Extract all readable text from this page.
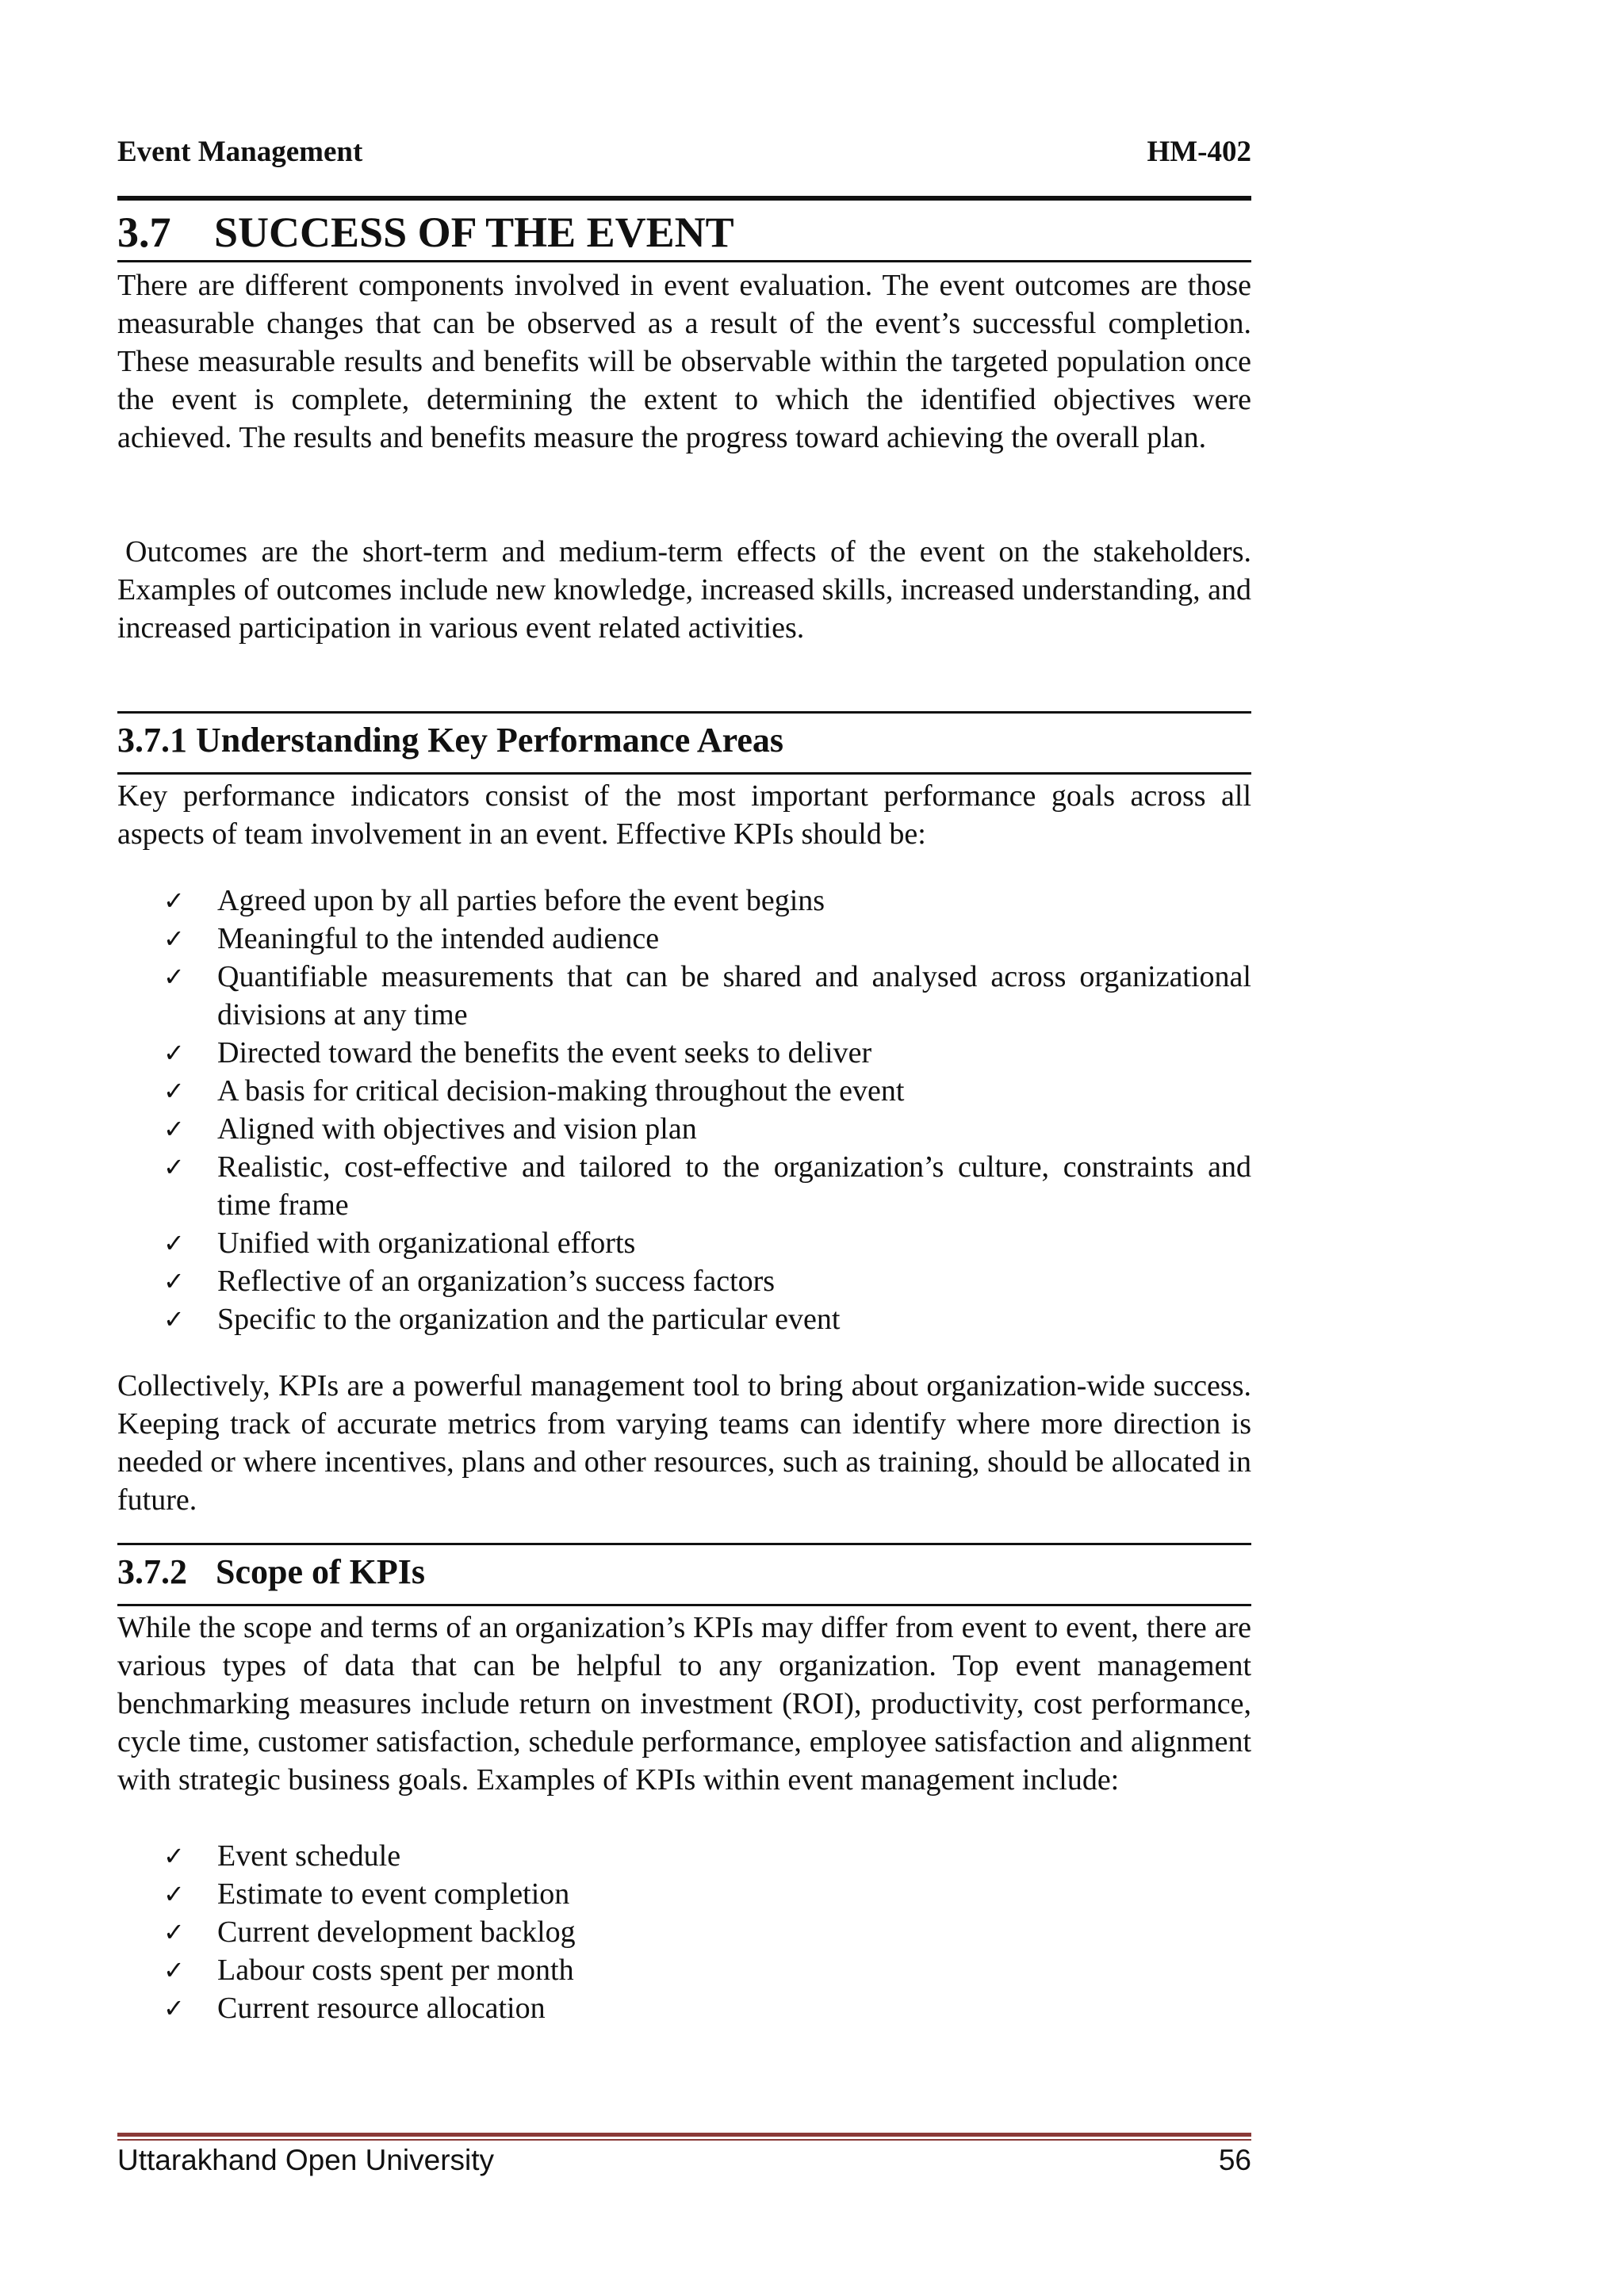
Event Management	HM-402
3.7 SUCCESS OF THE EVENT

There are different components involved in event evaluation. The event outcomes are those measurable changes that can be observed as a result of the event’s successful completion. These measurable results and benefits will be observable within the targeted population once the event is complete, determining the extent to which the identified objectives were achieved. The results and benefits measure the progress toward achieving the overall plan.

Outcomes are the short-term and medium-term effects of the event on the stakeholders. Examples of outcomes include new knowledge, increased skills, increased understanding, and increased participation in various event related activities.

3.7.1 Understanding Key Performance Areas

Key performance indicators consist of the most important performance goals across all aspects of team involvement in an event. Effective KPIs should be:

✓ Agreed upon by all parties before the event begins
✓ Meaningful to the intended audience
✓ Quantifiable measurements that can be shared and analysed across organizational divisions at any time
✓ Directed toward the benefits the event seeks to deliver
✓ A basis for critical decision-making throughout the event
✓ Aligned with objectives and vision plan
✓ Realistic, cost-effective and tailored to the organization’s culture, constraints and time frame
✓ Unified with organizational efforts
✓ Reflective of an organization’s success factors
✓ Specific to the organization and the particular event

Collectively, KPIs are a powerful management tool to bring about organization-wide success. Keeping track of accurate metrics from varying teams can identify where more direction is needed or where incentives, plans and other resources, such as training, should be allocated in future.

3.7.2 Scope of KPIs

While the scope and terms of an organization’s KPIs may differ from event to event, there are various types of data that can be helpful to any organization. Top event management benchmarking measures include return on investment (ROI), productivity, cost performance, cycle time, customer satisfaction, schedule performance, employee satisfaction and alignment with strategic business goals. Examples of KPIs within event management include:

✓ Event schedule
✓ Estimate to event completion
✓ Current development backlog
✓ Labour costs spent per month
✓ Current resource allocation
Uttarakhand Open University	56
